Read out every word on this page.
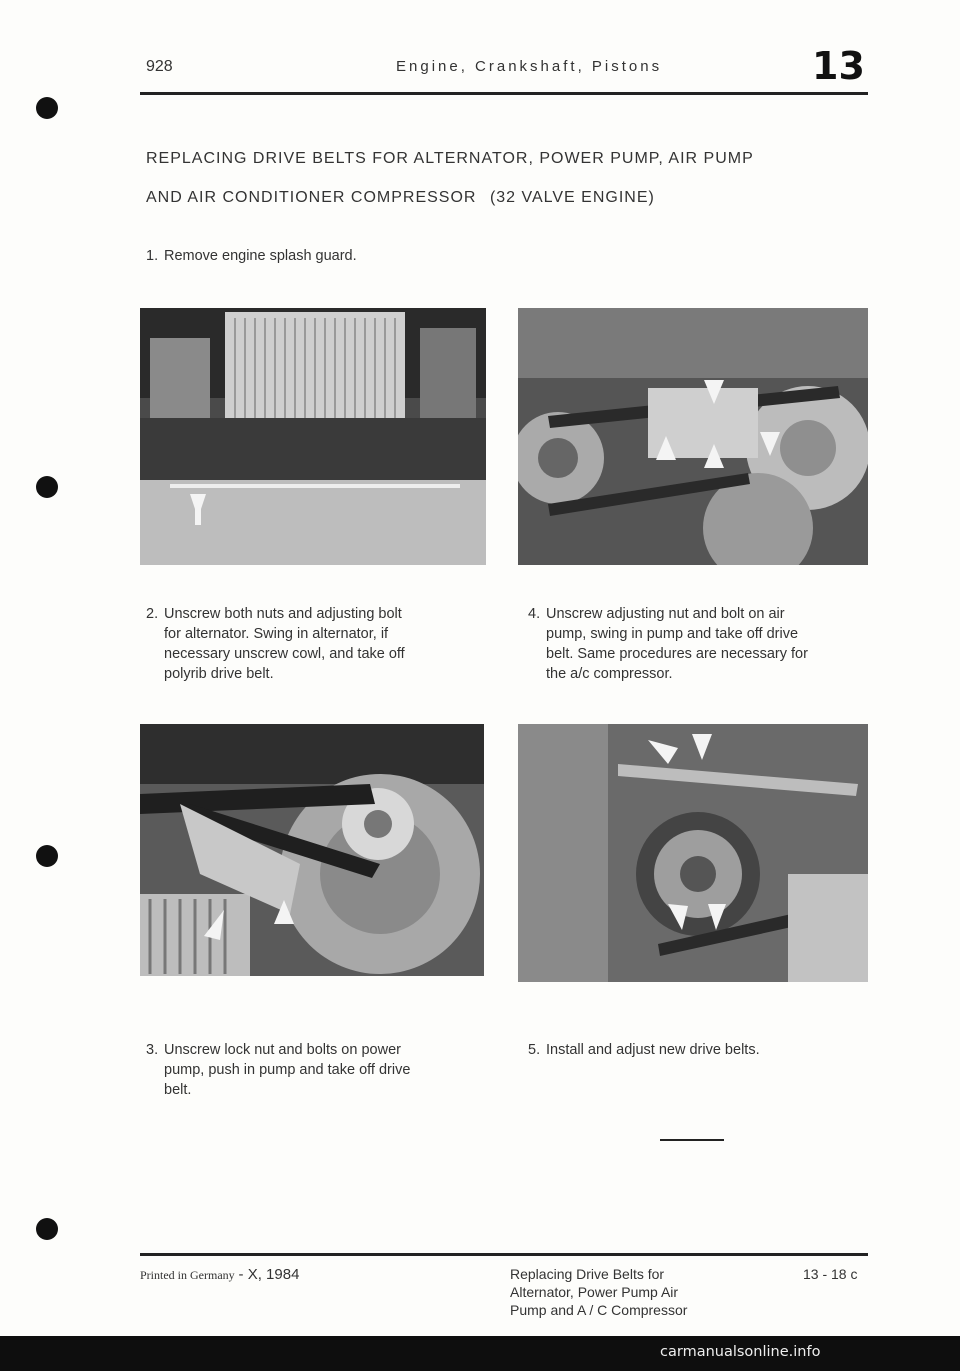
928	Engine, Crankshaft, Pistons	13
REPLACING DRIVE BELTS FOR ALTERNATOR, POWER PUMP, AIR PUMP
AND AIR CONDITIONER COMPRESSOR (32 VALVE ENGINE)
1. Remove engine splash guard.
2. Unscrew both nuts and adjusting bolt
for alternator. Swing in alternator, if
necessary unscrew cowl, and take off
polyrib drive belt.
4. Unscrew adjusting nut and bolt on air
pump, swing in pump and take off drive
belt. Same procedures are necessary for
the a/c compressor.
3. Unscrew lock nut and bolts on power
pump, push in pump and take off drive
belt.
5. Install and adjust new drive belts.
Printed in Germany - X, 1984	Replacing Drive Belts for
Alternator, Power Pump Air
Pump and A / C Compressor
13 - 18 c
carmanualsonline.info
